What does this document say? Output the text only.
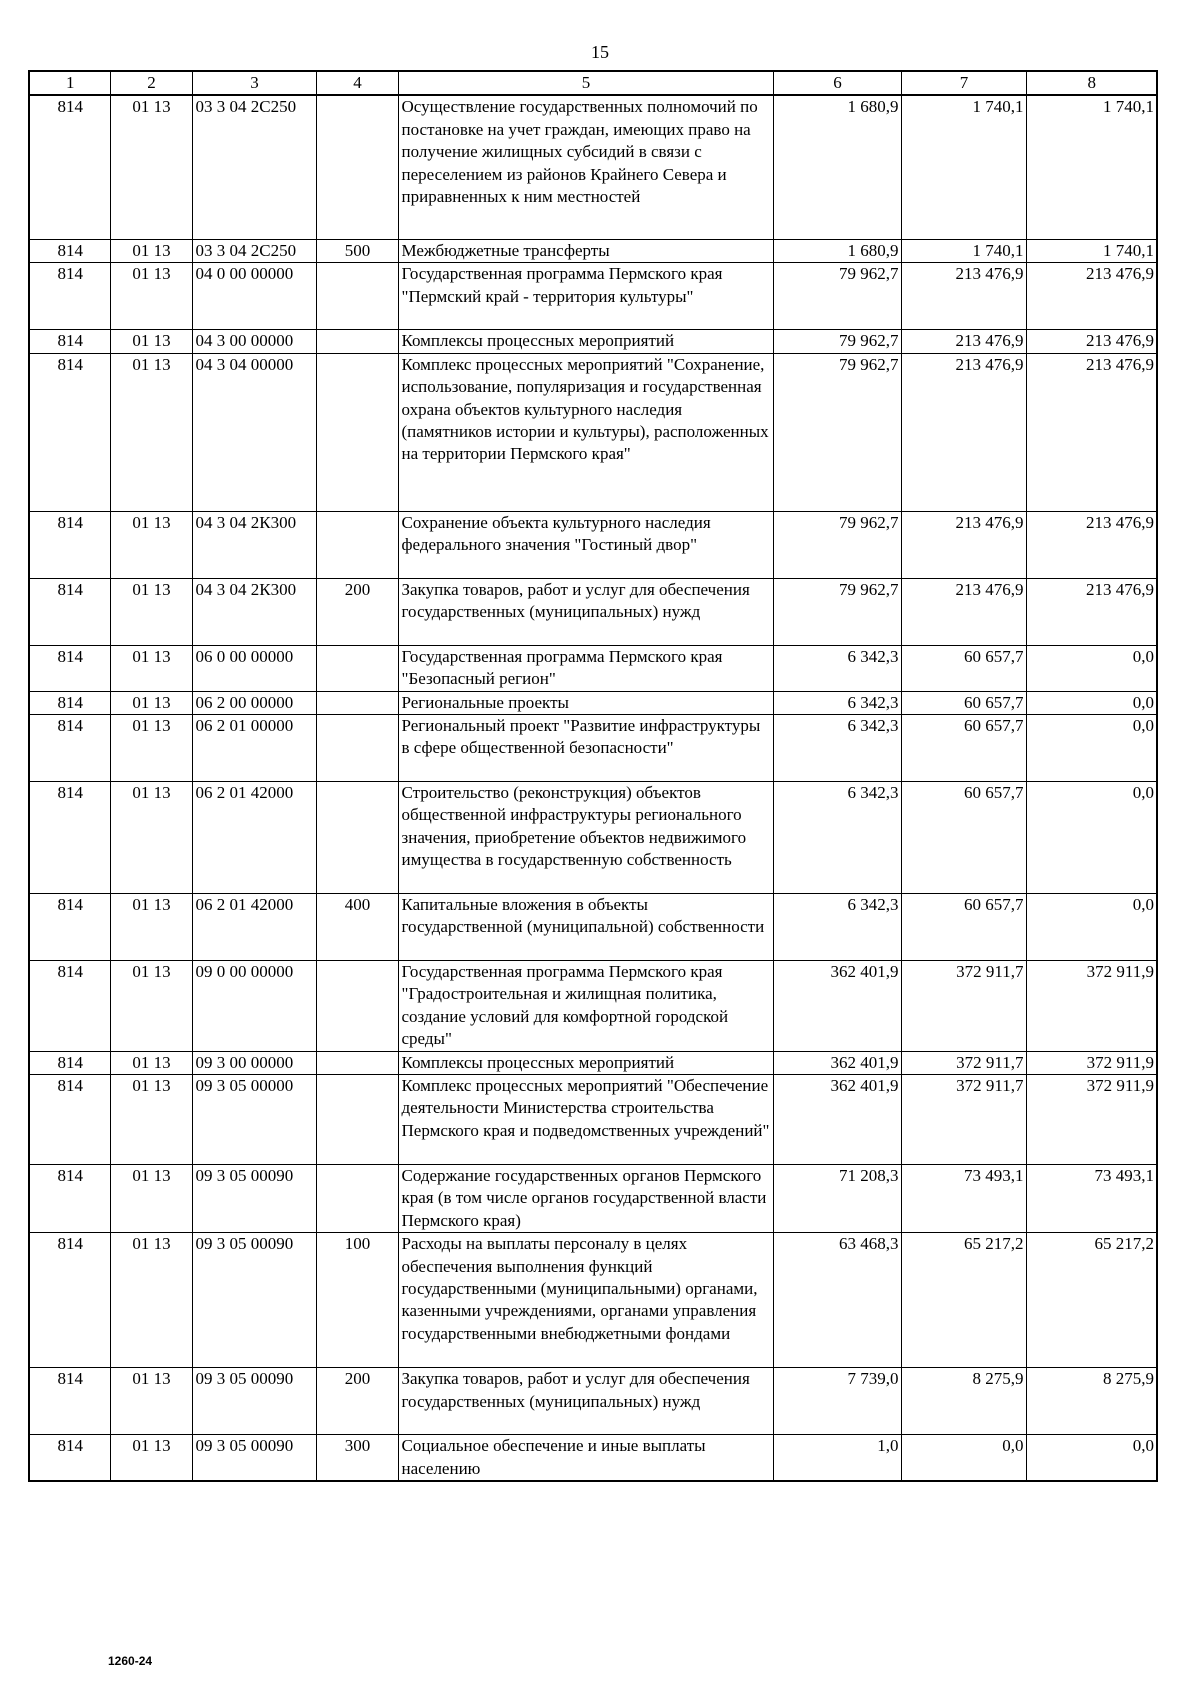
15
1	2	3	4	5	6	7	8
814	01 13	03 3 04 2С250		Осуществление государственных полномочий по постановке на учет граждан, имеющих право на получение жилищных субсидий в связи с переселением из районов Крайнего Севера и приравненных к ним местностей	1 680,9	1 740,1	1 740,1
814	01 13	03 3 04 2С250	500	Межбюджетные трансферты	1 680,9	1 740,1	1 740,1
814	01 13	04 0 00 00000		Государственная программа Пермского края "Пермский край - территория культуры"	79 962,7	213 476,9	213 476,9
814	01 13	04 3 00 00000		Комплексы процессных мероприятий	79 962,7	213 476,9	213 476,9
814	01 13	04 3 04 00000		Комплекс процессных мероприятий "Сохранение, использование, популяризация и государственная охрана объектов культурного наследия (памятников истории и культуры), расположенных на территории Пермского края"	79 962,7	213 476,9	213 476,9
814	01 13	04 3 04 2К300		Сохранение объекта культурного наследия федерального значения "Гостиный двор"	79 962,7	213 476,9	213 476,9
814	01 13	04 3 04 2К300	200	Закупка товаров, работ и услуг для обеспечения государственных (муниципальных) нужд	79 962,7	213 476,9	213 476,9
814	01 13	06 0 00 00000		Государственная программа Пермского края "Безопасный регион"	6 342,3	60 657,7	0,0
814	01 13	06 2 00 00000		Региональные проекты	6 342,3	60 657,7	0,0
814	01 13	06 2 01 00000		Региональный проект "Развитие инфраструктуры в сфере общественной безопасности"	6 342,3	60 657,7	0,0
814	01 13	06 2 01 42000		Строительство (реконструкция) объектов общественной инфраструктуры регионального значения, приобретение объектов недвижимого имущества в государственную собственность	6 342,3	60 657,7	0,0
814	01 13	06 2 01 42000	400	Капитальные вложения в объекты государственной (муниципальной) собственности	6 342,3	60 657,7	0,0
814	01 13	09 0 00 00000		Государственная программа Пермского края "Градостроительная и жилищная политика, создание условий для комфортной городской среды"	362 401,9	372 911,7	372 911,9
814	01 13	09 3 00 00000		Комплексы процессных мероприятий	362 401,9	372 911,7	372 911,9
814	01 13	09 3 05 00000		Комплекс процессных мероприятий "Обеспечение деятельности Министерства строительства Пермского края и подведомственных учреждений"	362 401,9	372 911,7	372 911,9
814	01 13	09 3 05 00090		Содержание государственных органов Пермского края (в том числе органов государственной власти Пермского края)	71 208,3	73 493,1	73 493,1
814	01 13	09 3 05 00090	100	Расходы на выплаты персоналу в целях обеспечения выполнения функций государственными (муниципальными) органами, казенными учреждениями, органами управления государственными внебюджетными фондами	63 468,3	65 217,2	65 217,2
814	01 13	09 3 05 00090	200	Закупка товаров, работ и услуг для обеспечения государственных (муниципальных) нужд	7 739,0	8 275,9	8 275,9
814	01 13	09 3 05 00090	300	Социальное обеспечение и иные выплаты населению	1,0	0,0	0,0
1260-24
